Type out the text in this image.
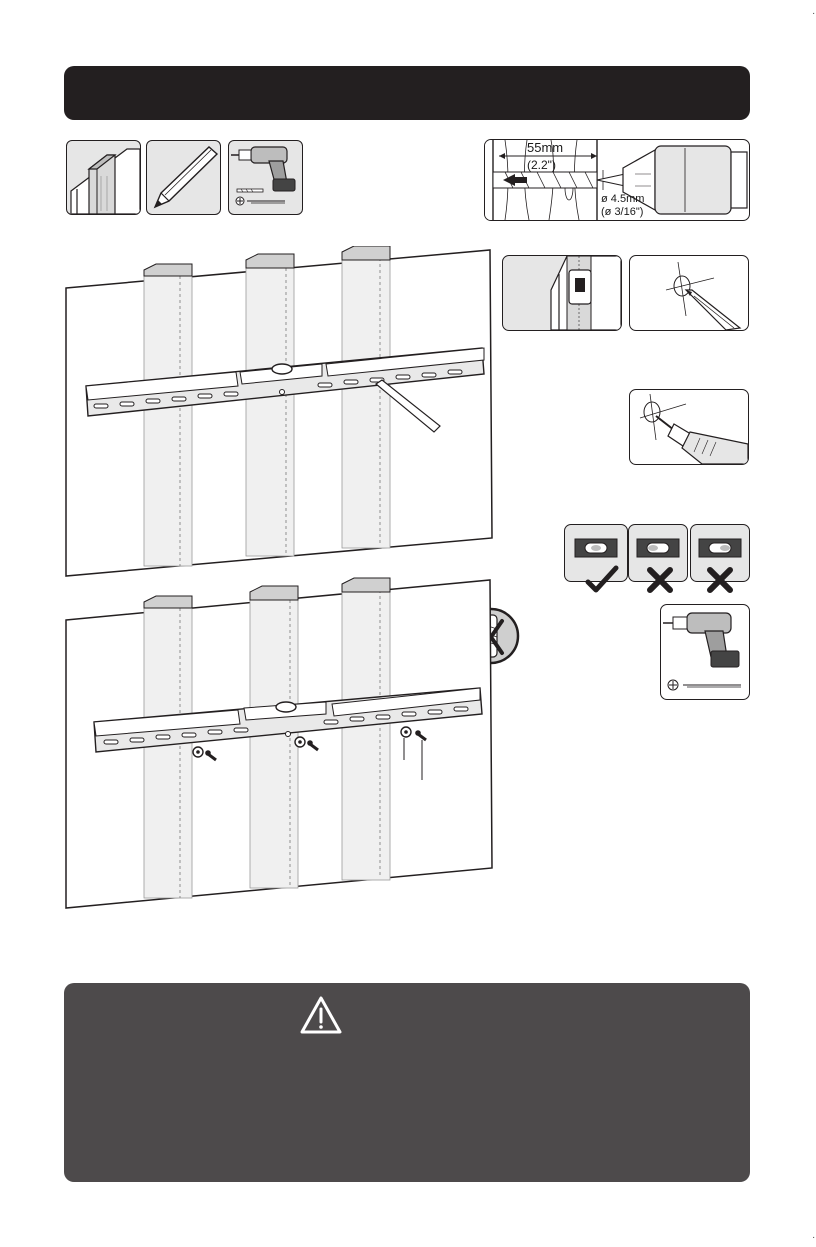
·
·
55mm
(2.2")
ø 4.5mm
(ø 3/16")
